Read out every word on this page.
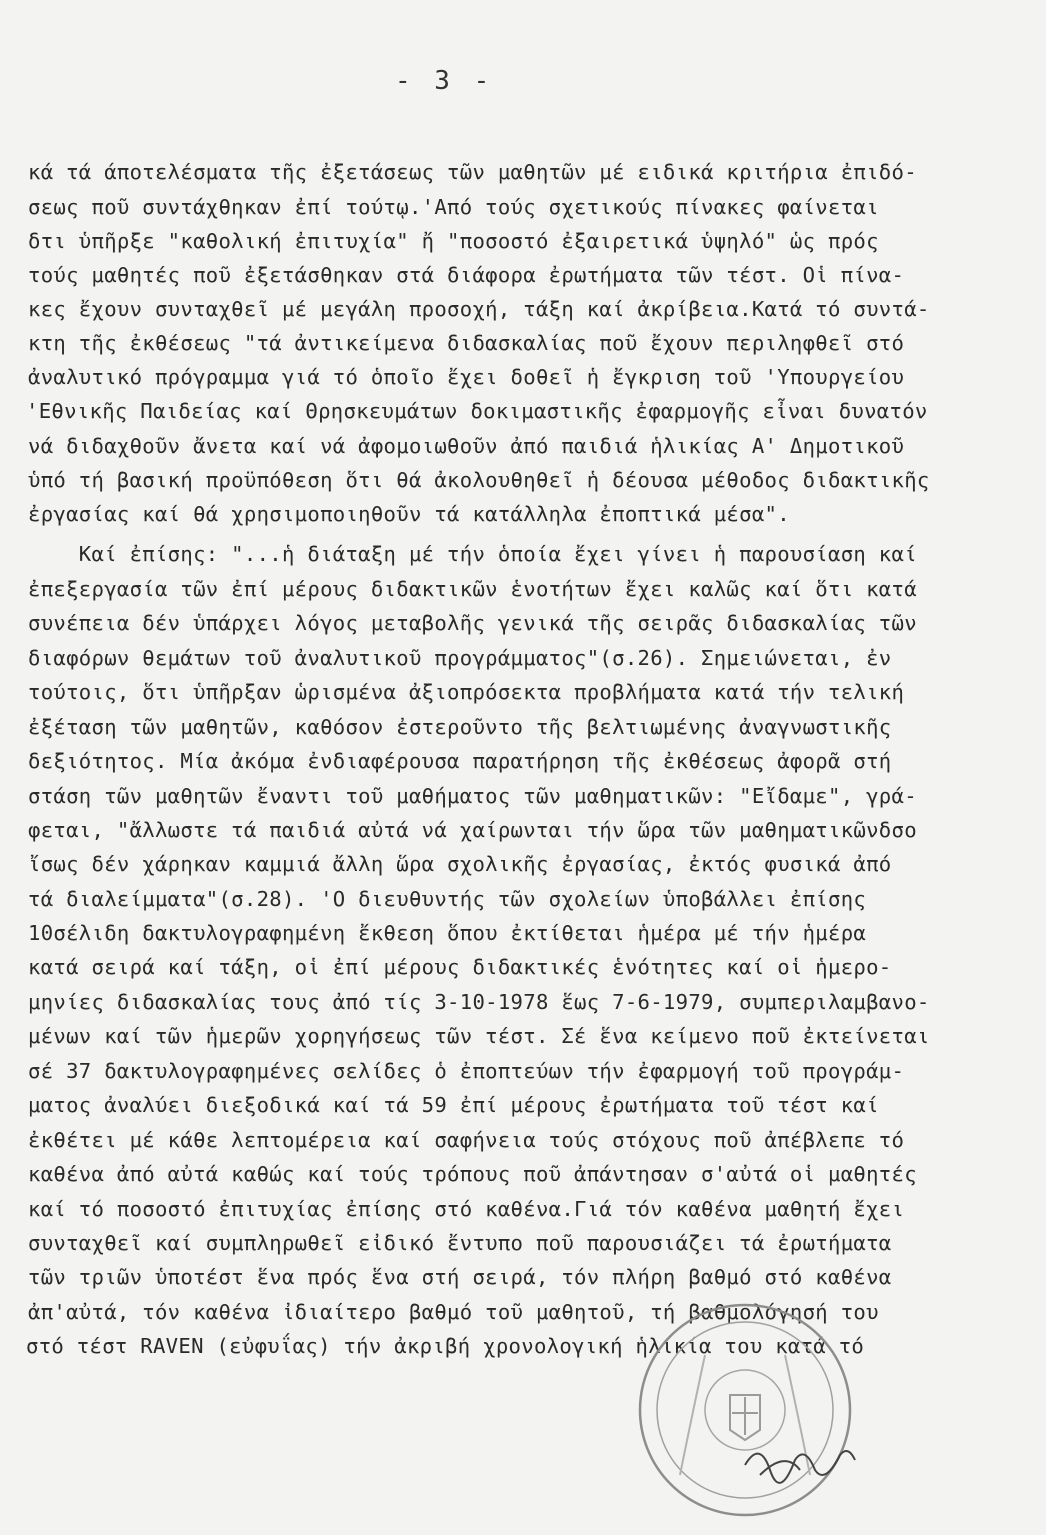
- 3 -
κά τά άποτελέσματα τῆς ἐξετάσεως τῶν μαθητῶν μέ ειδικά κριτήρια ἐπιδό-
σεως ποῦ συντάχθηκαν ἐπί τούτῳ.'Από τούς σχετικούς πίνακες φαίνεται
δτι ὑπῆρξε "καθολική ἐπιτυχία" ἤ "ποσοστό ἐξαιρετικά ὑψηλό" ὡς πρός
τούς μαθητές ποῦ ἐξετάσθηκαν στά διάφορα ἐρωτήματα τῶν τέστ. Οἱ πίνα-
κες ἔχουν συνταχθεῖ μέ μεγάλη προσοχή, τάξη καί ἀκρίβεια.Κατά τό συντά-
κτη τῆς ἐκθέσεως "τά ἀντικείμενα διδασκαλίας ποῦ ἔχουν περιληφθεῖ στό
ἀναλυτικό πρόγραμμα γιά τό ὁποῖο ἔχει δοθεῖ ἡ ἔγκριση τοῦ 'Υπουργείου
'Εθνικῆς Παιδείας καί Θρησκευμάτων δοκιμαστικῆς ἐφαρμογῆς εἶναι δυνατόν
νά διδαχθοῦν ἄνετα καί νά ἀφομοιωθοῦν ἀπό παιδιά ἡλικίας Α' Δημοτικοῦ
ὑπό τή βασική προϋπόθεση ὅτι θά ἀκολουθηθεῖ ἡ δέουσα μέθοδος διδακτικῆς
ἐργασίας καί θά χρησιμοποιηθοῦν τά κατάλληλα ἐποπτικά μέσα".
Καί ἐπίσης: "...ἡ διάταξη μέ τήν ὁποία ἔχει γίνει ἡ παρουσίαση καί
ἐπεξεργασία τῶν ἐπί μέρους διδακτικῶν ἑνοτήτων ἔχει καλῶς καί ὅτι κατά
συνέπεια δέν ὑπάρχει λόγος μεταβολῆς γενικά τῆς σειρᾶς διδασκαλίας τῶν
διαφόρων θεμάτων τοῦ ἀναλυτικοῦ προγράμματος"(σ.26). Σημειώνεται, ἐν
τούτοις, ὅτι ὑπῆρξαν ὡρισμένα ἀξιοπρόσεκτα προβλήματα κατά τήν τελική
ἐξέταση τῶν μαθητῶν, καθόσον ἐστεροῦντο τῆς βελτιωμένης ἀναγνωστικῆς
δεξιότητος. Μία ἀκόμα ἐνδιαφέρουσα παρατήρηση τῆς ἐκθέσεως ἀφορᾶ στή
στάση τῶν μαθητῶν ἔναντι τοῦ μαθήματος τῶν μαθηματικῶν: "Εἴδαμε", γρά-
φεται, "ἄλλωστε τά παιδιά αὐτά νά χαίρωνται τήν ὥρα τῶν μαθηματικῶνδσο
ἴσως δέν χάρηκαν καμμιά ἄλλη ὥρα σχολικῆς ἐργασίας, ἐκτός φυσικά ἀπό
τά διαλείμματα"(σ.28). 'Ο διευθυντής τῶν σχολείων ὑποβάλλει ἐπίσης
10σέλιδη δακτυλογραφημένη ἔκθεση ὅπου ἐκτίθεται ἡμέρα μέ τήν ἡμέρα
κατά σειρά καί τάξη, οἱ ἐπί μέρους διδακτικές ἑνότητες καί οἱ ἡμερο-
μηνίες διδασκαλίας τους ἀπό τίς 3-10-1978 ἕως 7-6-1979, συμπεριλαμβανο-
μένων καί τῶν ἡμερῶν χορηγήσεως τῶν τέστ. Σέ ἕνα κείμενο ποῦ ἐκτείνεται
σέ 37 δακτυλογραφημένες σελίδες ὁ ἐποπτεύων τήν ἐφαρμογή τοῦ προγράμ-
ματος ἀναλύει διεξοδικά καί τά 59 ἐπί μέρους ἐρωτήματα τοῦ τέστ καί
ἐκθέτει μέ κάθε λεπτομέρεια καί σαφήνεια τούς στόχους ποῦ ἀπέβλεπε τό
καθένα ἀπό αὐτά καθώς καί τούς τρόπους ποῦ ἀπάντησαν σ'αὐτά οἱ μαθητές
καί τό ποσοστό ἐπιτυχίας ἐπίσης στό καθένα.Γιά τόν καθένα μαθητή ἔχει
συνταχθεῖ καί συμπληρωθεῖ εἰδικό ἔντυπο ποῦ παρουσιάζει τά ἐρωτήματα
τῶν τριῶν ὑποτέστ ἕνα πρός ἕνα στή σειρά, τόν πλήρη βαθμό στό καθένα
ἀπ'αὐτά, τόν καθένα ἰδιαίτερο βαθμό τοῦ μαθητοῦ, τή βαθμολόγησή του
στό τέστ RAVEN (εὐφυΐας) τήν ἀκριβή χρονολογική ἡλικία του κατά τό
